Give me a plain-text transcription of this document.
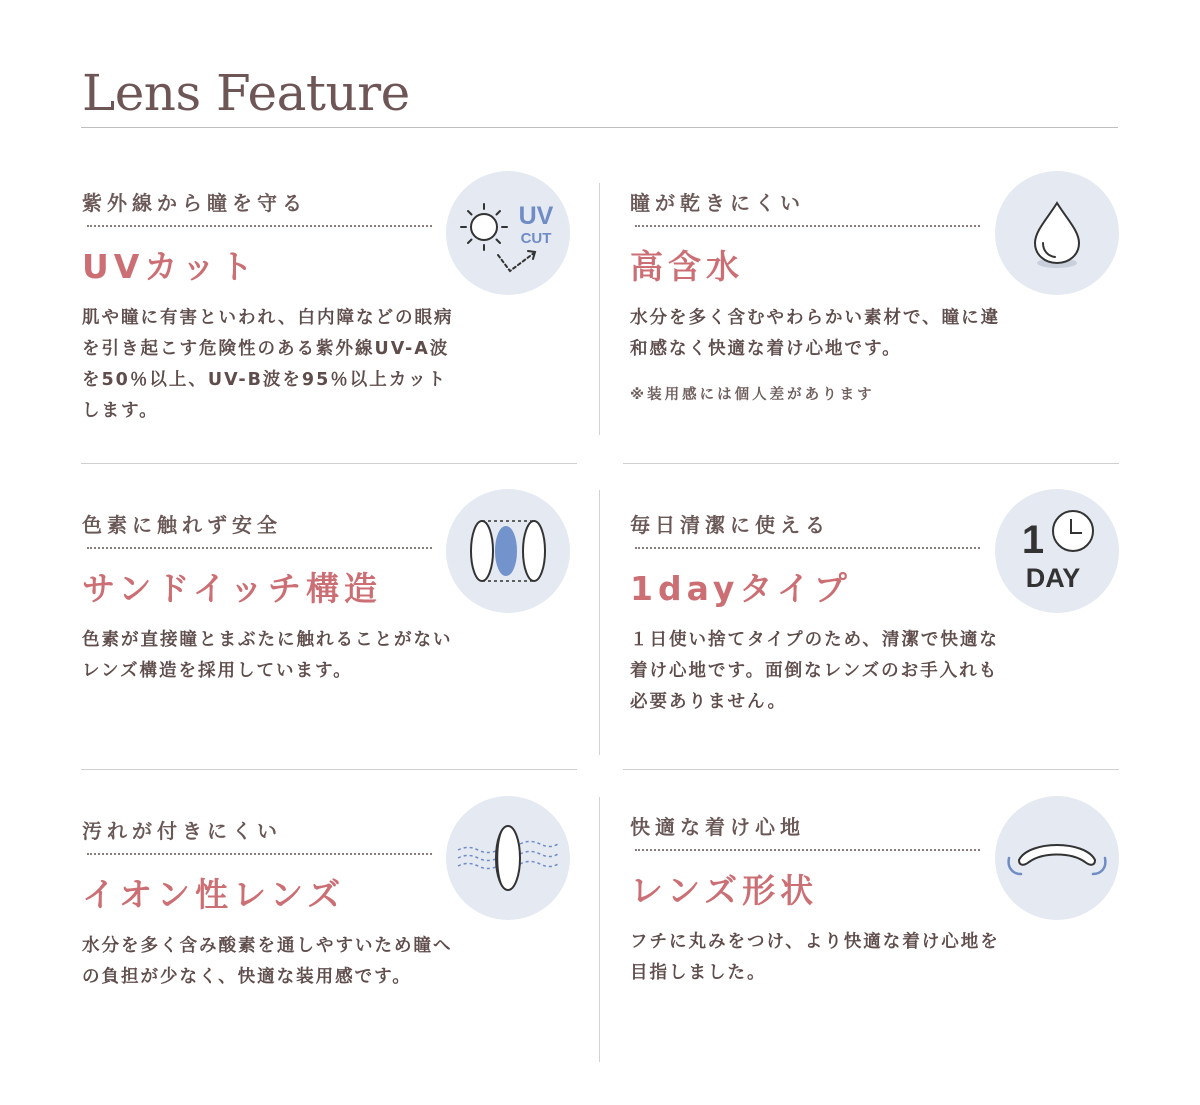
Lens Feature
紫外線から瞳を守る
UVカット

肌や瞳に有害といわれ、白内障などの眼病を引き起こす危険性のある紫外線UV-A波を50％以上、UV-B波を95％以上カットします。

UV
CUT
瞳が乾きにくい
高含水

水分を多く含むやわらかい素材で、瞳に違和感なく快適な着け心地です。

※装用感には個人差があります
色素に触れず安全
サンドイッチ構造

色素が直接瞳とまぶたに触れることがないレンズ構造を採用しています。

毎日清潔に使える
1dayタイプ

１日使い捨てタイプのため、清潔で快適な着け心地です。面倒なレンズのお手入れも必要ありません。

1
DAY
汚れが付きにくい
イオン性レンズ

水分を多く含み酸素を通しやすいため瞳への負担が少なく、快適な装用感です。

快適な着け心地
レンズ形状

フチに丸みをつけ、より快適な着け心地を目指しました。
